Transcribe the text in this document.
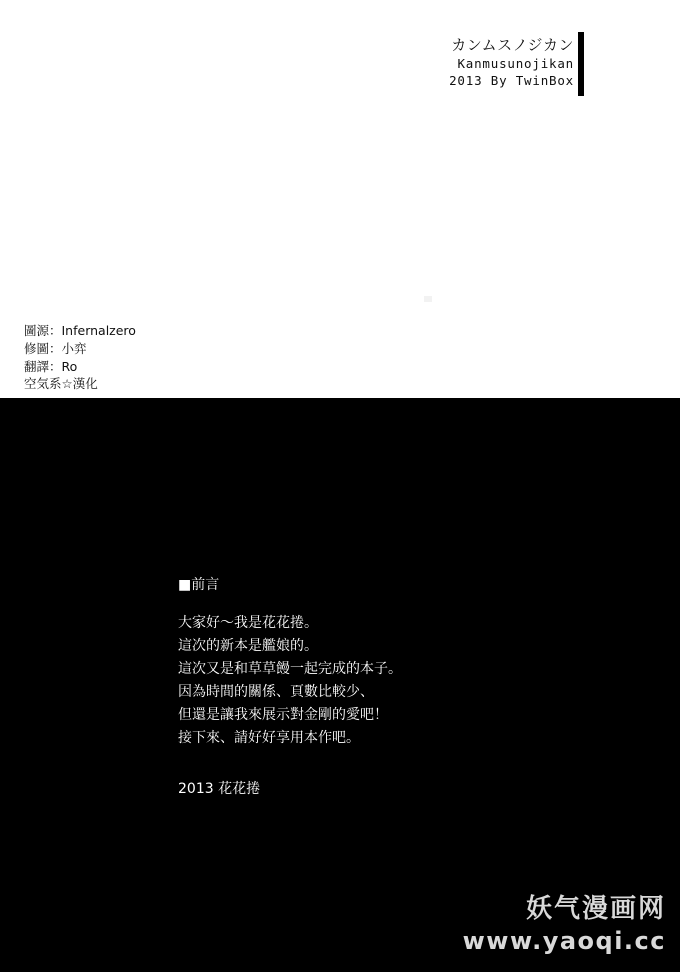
カンムスノジカン
Kanmusunojikan
2013 By TwinBox
圖源：Infernalzero
修圖：小弈
翻譯：Ro
空気系☆漢化
■前言
大家好～我是花花捲。
這次的新本是艦娘的。
這次又是和草草饅一起完成的本子。
因為時間的關係、頁數比較少、
但還是讓我來展示對金剛的愛吧！
接下來、請好好享用本作吧。
2013 花花捲
妖气漫画网
www.yaoqi.cc
